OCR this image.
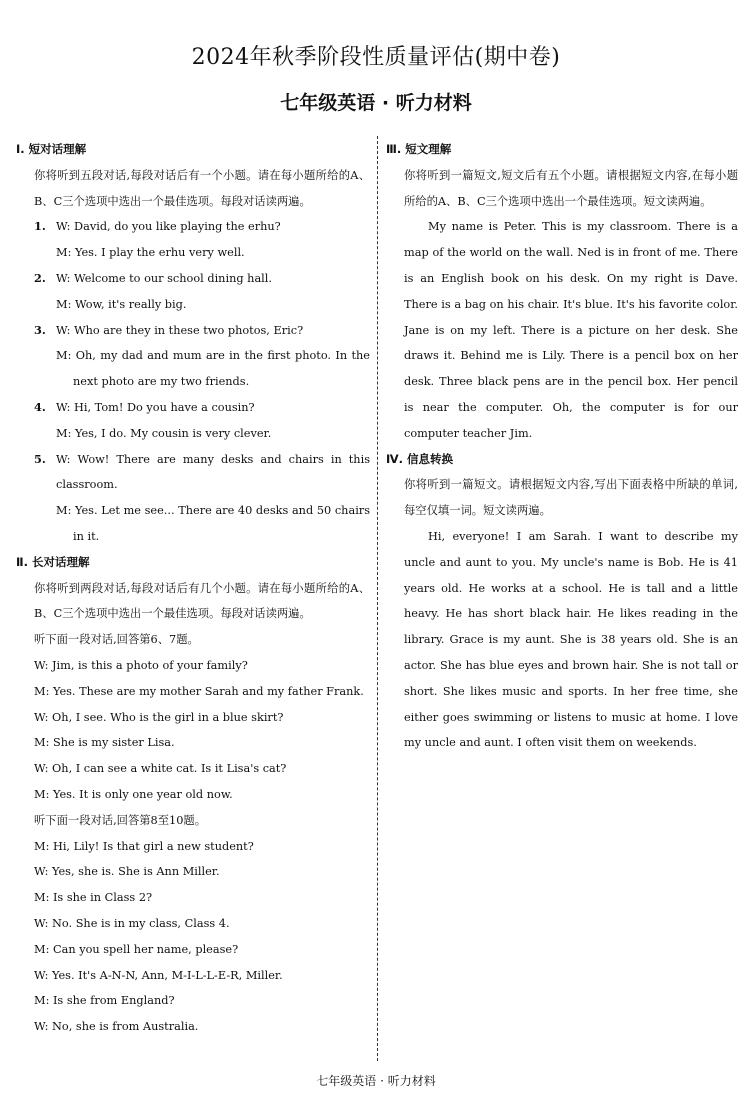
2024年秋季阶段性质量评估(期中卷)
七年级英语 · 听力材料
Ⅰ. 短对话理解
你将听到五段对话,每段对话后有一个小题。请在每小题所给的A、B、C三个选项中选出一个最佳选项。每段对话读两遍。
1. W: David, do you like playing the erhu?
M: Yes. I play the erhu very well.
2. W: Welcome to our school dining hall.
M: Wow, it's really big.
3. W: Who are they in these two photos, Eric?
M: Oh, my dad and mum are in the first photo. In the next photo are my two friends.
4. W: Hi, Tom! Do you have a cousin?
M: Yes, I do. My cousin is very clever.
5. W: Wow! There are many desks and chairs in this classroom.
M: Yes. Let me see... There are 40 desks and 50 chairs in it.
Ⅱ. 长对话理解
你将听到两段对话,每段对话后有几个小题。请在每小题所给的A、B、C三个选项中选出一个最佳选项。每段对话读两遍。
听下面一段对话,回答第6、7题。
W: Jim, is this a photo of your family?
M: Yes. These are my mother Sarah and my father Frank.
W: Oh, I see. Who is the girl in a blue skirt?
M: She is my sister Lisa.
W: Oh, I can see a white cat. Is it Lisa's cat?
M: Yes. It is only one year old now.
听下面一段对话,回答第8至10题。
M: Hi, Lily! Is that girl a new student?
W: Yes, she is. She is Ann Miller.
M: Is she in Class 2?
W: No. She is in my class, Class 4.
M: Can you spell her name, please?
W: Yes. It's A-N-N, Ann, M-I-L-L-E-R, Miller.
M: Is she from England?
W: No, she is from Australia.
Ⅲ. 短文理解
你将听到一篇短文,短文后有五个小题。请根据短文内容,在每小题所给的A、B、C三个选项中选出一个最佳选项。短文读两遍。
My name is Peter. This is my classroom. There is a map of the world on the wall. Ned is in front of me. There is an English book on his desk. On my right is Dave. There is a bag on his chair. It's blue. It's his favorite color. Jane is on my left. There is a picture on her desk. She draws it. Behind me is Lily. There is a pencil box on her desk. Three black pens are in the pencil box. Her pencil is near the computer. Oh, the computer is for our computer teacher Jim.
Ⅳ. 信息转换
你将听到一篇短文。请根据短文内容,写出下面表格中所缺的单词,每空仅填一词。短文读两遍。
Hi, everyone! I am Sarah. I want to describe my uncle and aunt to you. My uncle's name is Bob. He is 41 years old. He works at a school. He is tall and a little heavy. He has short black hair. He likes reading in the library. Grace is my aunt. She is 38 years old. She is an actor. She has blue eyes and brown hair. She is not tall or short. She likes music and sports. In her free time, she either goes swimming or listens to music at home. I love my uncle and aunt. I often visit them on weekends.
七年级英语 · 听力材料
